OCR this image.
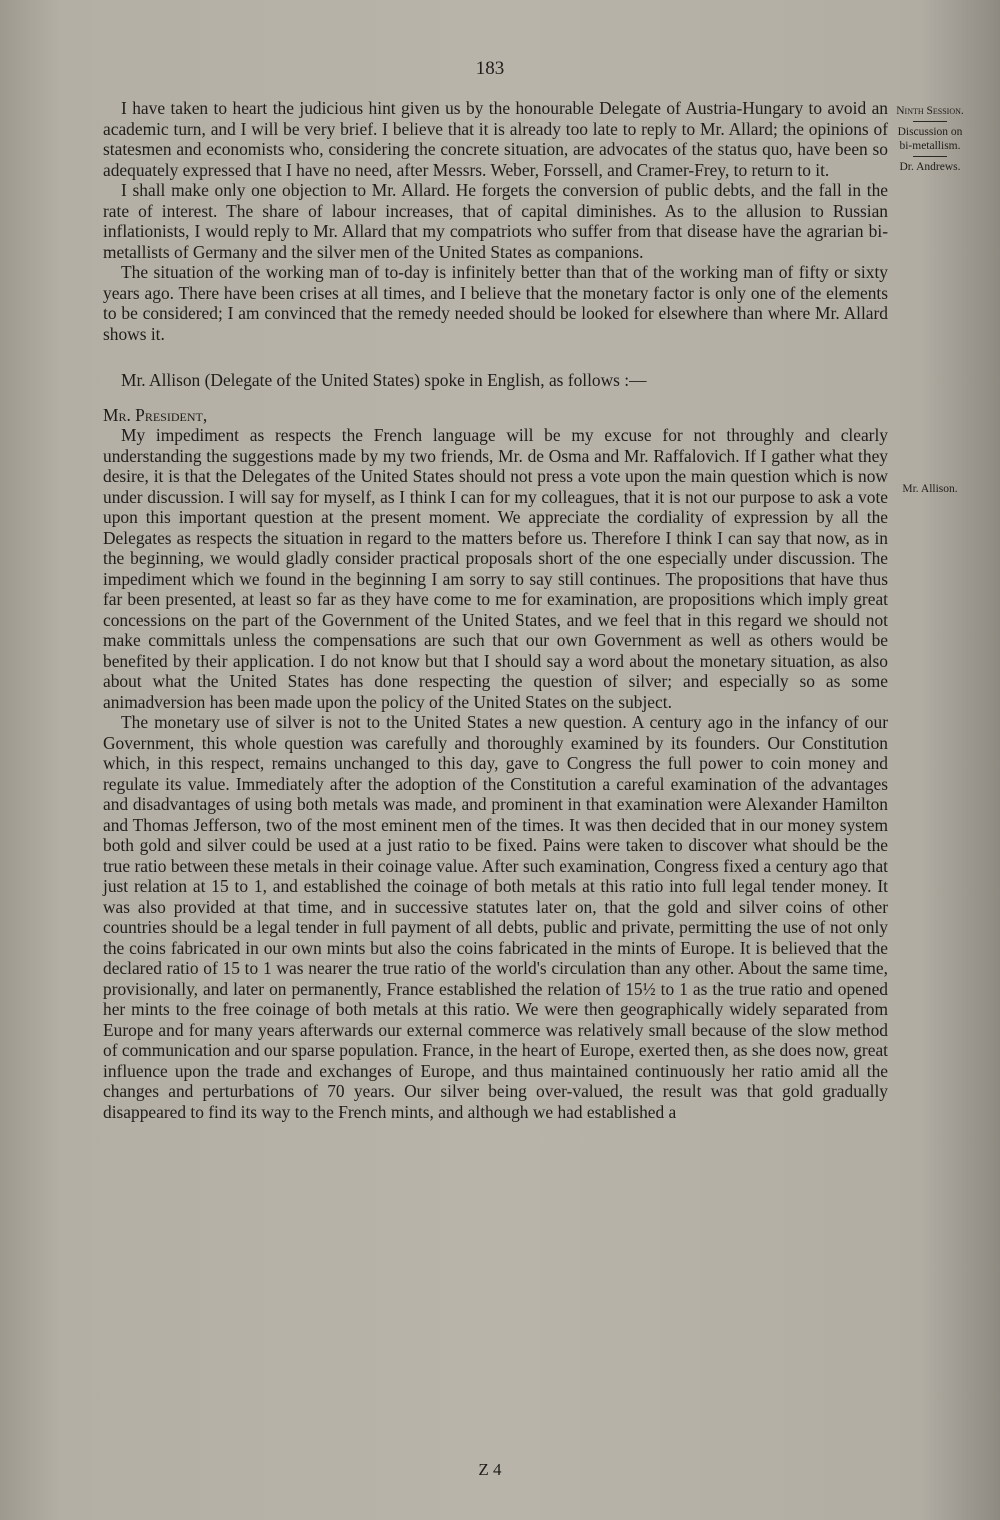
183
Ninth Session.
Discussion on bi-metallism.
Dr. Andrews.
Mr. Allison.

I have taken to heart the judicious hint given us by the honourable Delegate of Austria-Hungary to avoid an academic turn, and I will be very brief. I believe that it is already too late to reply to Mr. Allard; the opinions of statesmen and economists who, considering the concrete situation, are advocates of the status quo, have been so adequately expressed that I have no need, after Messrs. Weber, Forssell, and Cramer-Frey, to return to it.

I shall make only one objection to Mr. Allard. He forgets the conversion of public debts, and the fall in the rate of interest. The share of labour increases, that of capital diminishes. As to the allusion to Russian inflationists, I would reply to Mr. Allard that my compatriots who suffer from that disease have the agrarian bi-metallists of Germany and the silver men of the United States as companions.

The situation of the working man of to-day is infinitely better than that of the working man of fifty or sixty years ago. There have been crises at all times, and I believe that the monetary factor is only one of the elements to be considered; I am convinced that the remedy needed should be looked for elsewhere than where Mr. Allard shows it.

Mr. Allison (Delegate of the United States) spoke in English, as follows :—

Mr. President,

My impediment as respects the French language will be my excuse for not throughly and clearly understanding the suggestions made by my two friends, Mr. de Osma and Mr. Raffalovich. If I gather what they desire, it is that the Delegates of the United States should not press a vote upon the main question which is now under discussion. I will say for myself, as I think I can for my colleagues, that it is not our purpose to ask a vote upon this important question at the present moment. We appreciate the cordiality of expression by all the Delegates as respects the situation in regard to the matters before us. Therefore I think I can say that now, as in the beginning, we would gladly consider practical proposals short of the one especially under discussion. The impediment which we found in the beginning I am sorry to say still continues. The propositions that have thus far been presented, at least so far as they have come to me for examination, are propositions which imply great concessions on the part of the Government of the United States, and we feel that in this regard we should not make committals unless the compensations are such that our own Government as well as others would be benefited by their application. I do not know but that I should say a word about the monetary situation, as also about what the United States has done respecting the question of silver; and especially so as some animadversion has been made upon the policy of the United States on the subject.

The monetary use of silver is not to the United States a new question. A century ago in the infancy of our Government, this whole question was carefully and thoroughly examined by its founders. Our Constitution which, in this respect, remains unchanged to this day, gave to Congress the full power to coin money and regulate its value. Immediately after the adoption of the Constitution a careful examination of the advantages and disadvantages of using both metals was made, and prominent in that examination were Alexander Hamilton and Thomas Jefferson, two of the most eminent men of the times. It was then decided that in our money system both gold and silver could be used at a just ratio to be fixed. Pains were taken to discover what should be the true ratio between these metals in their coinage value. After such examination, Congress fixed a century ago that just relation at 15 to 1, and established the coinage of both metals at this ratio into full legal tender money. It was also provided at that time, and in successive statutes later on, that the gold and silver coins of other countries should be a legal tender in full payment of all debts, public and private, permitting the use of not only the coins fabricated in our own mints but also the coins fabricated in the mints of Europe. It is believed that the declared ratio of 15 to 1 was nearer the true ratio of the world's circulation than any other. About the same time, provisionally, and later on permanently, France established the relation of 15½ to 1 as the true ratio and opened her mints to the free coinage of both metals at this ratio. We were then geographically widely separated from Europe and for many years afterwards our external commerce was relatively small because of the slow method of communication and our sparse population. France, in the heart of Europe, exerted then, as she does now, great influence upon the trade and exchanges of Europe, and thus maintained continuously her ratio amid all the changes and perturbations of 70 years. Our silver being over-valued, the result was that gold gradually disappeared to find its way to the French mints, and although we had established a

Z 4
